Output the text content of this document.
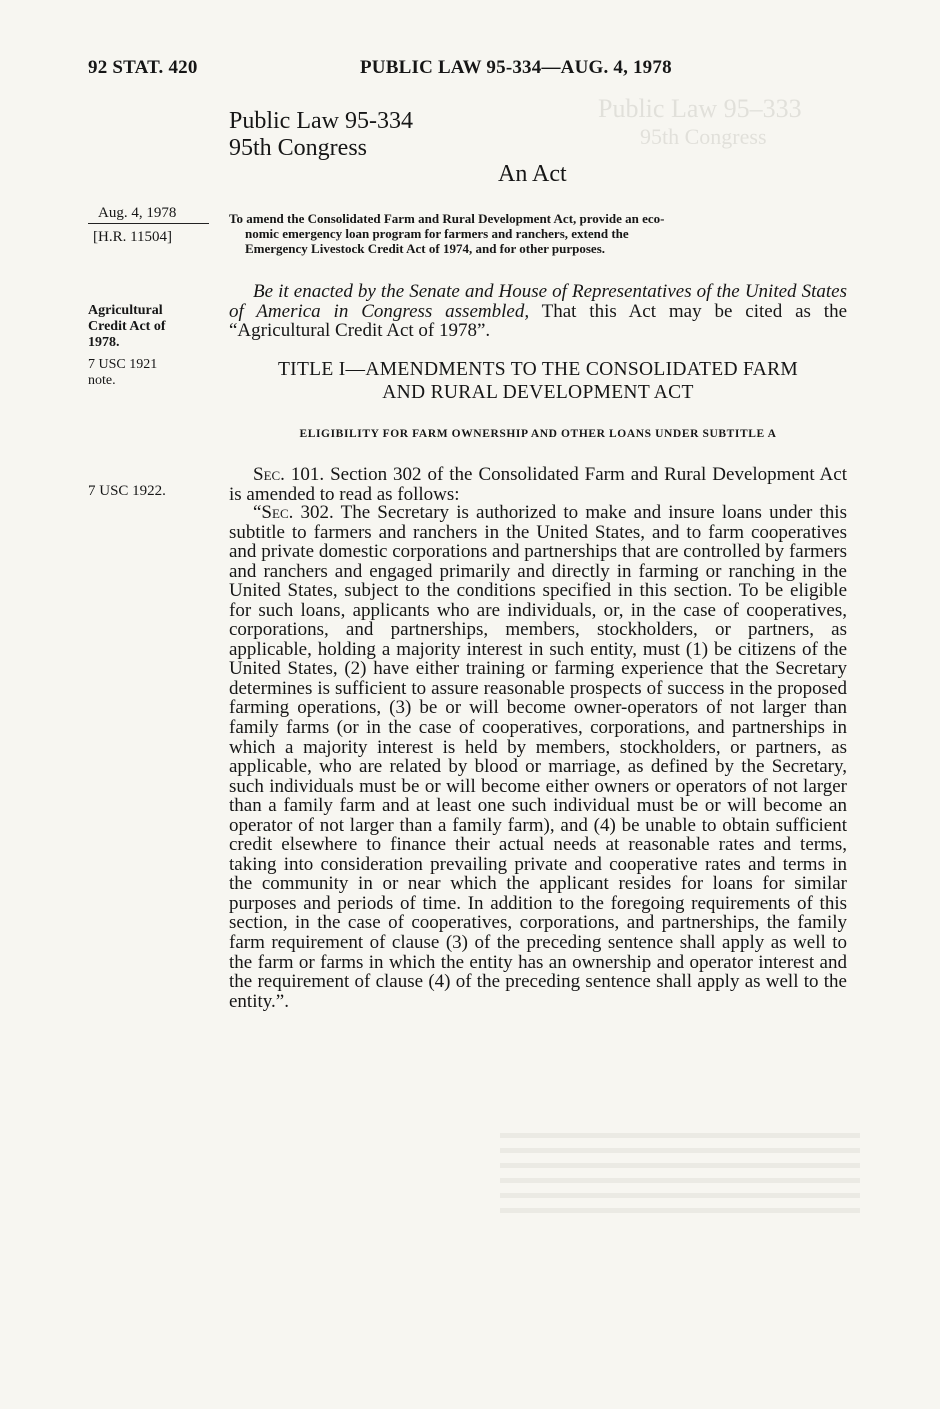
Public Law 95–333
95th Congress
92 STAT. 420	PUBLIC LAW 95-334—AUG. 4, 1978
Public Law 95-334
95th Congress
An Act
Aug. 4, 1978
[H.R. 11504]
Agricultural
Credit Act of
1978.
7 USC 1921
note.
7 USC 1922.
To amend the Consolidated Farm and Rural Development Act, provide an eco-
nomic emergency loan program for farmers and ranchers, extend the
Emergency Livestock Credit Act of 1974, and for other purposes.
Be it enacted by the Senate and House of Representatives of the United States of America in Congress assembled, That this Act may be cited as the “Agricultural Credit Act of 1978”.
TITLE I—AMENDMENTS TO THE CONSOLIDATED FARM
AND RURAL DEVELOPMENT ACT
ELIGIBILITY FOR FARM OWNERSHIP AND OTHER LOANS UNDER SUBTITLE A
Sec. 101. Section 302 of the Consolidated Farm and Rural Development Act is amended to read as follows:
“Sec. 302. The Secretary is authorized to make and insure loans under this subtitle to farmers and ranchers in the United States, and to farm cooperatives and private domestic corporations and partnerships that are controlled by farmers and ranchers and engaged primarily and directly in farming or ranching in the United States, subject to the conditions specified in this section. To be eligible for such loans, applicants who are individuals, or, in the case of cooperatives, corporations, and partnerships, members, stockholders, or partners, as applicable, holding a majority interest in such entity, must (1) be citizens of the United States, (2) have either training or farming experience that the Secretary determines is sufficient to assure reasonable prospects of success in the proposed farming operations, (3) be or will become owner-operators of not larger than family farms (or in the case of cooperatives, corporations, and partnerships in which a majority interest is held by members, stockholders, or partners, as applicable, who are related by blood or marriage, as defined by the Secretary, such individuals must be or will become either owners or operators of not larger than a family farm and at least one such individual must be or will become an operator of not larger than a family farm), and (4) be unable to obtain sufficient credit elsewhere to finance their actual needs at reasonable rates and terms, taking into consideration prevailing private and cooperative rates and terms in the community in or near which the applicant resides for loans for similar purposes and periods of time. In addition to the foregoing requirements of this section, in the case of cooperatives, corporations, and partnerships, the family farm requirement of clause (3) of the preceding sentence shall apply as well to the farm or farms in which the entity has an ownership and operator interest and the requirement of clause (4) of the preceding sentence shall apply as well to the entity.”.
